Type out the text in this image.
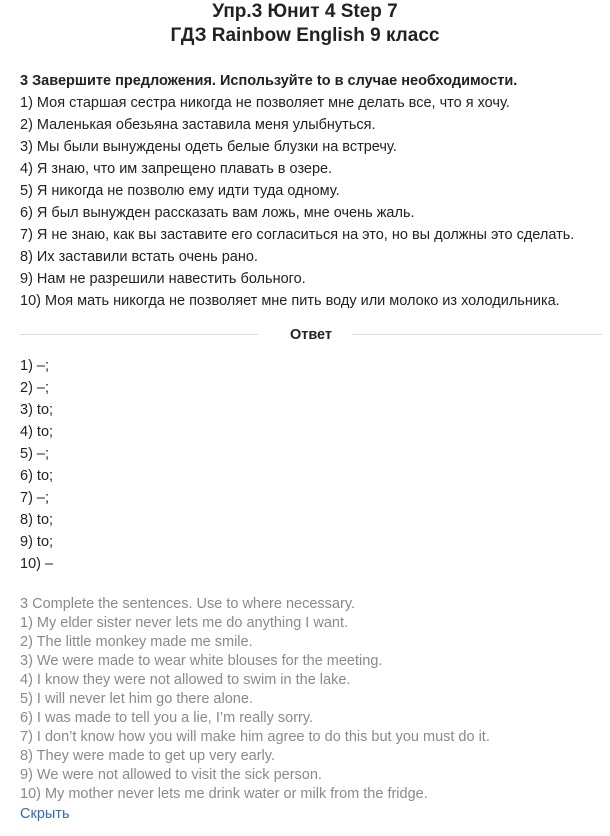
Упр.3 Юнит 4 Step 7
ГДЗ Rainbow English 9 класс
3 Завершите предложения. Используйте to в случае необходимости.
1) Моя старшая сестра никогда не позволяет мне делать все, что я хочу.
2) Маленькая обезьяна заставила меня улыбнуться.
3) Мы были вынуждены одеть белые блузки на встречу.
4) Я знаю, что им запрещено плавать в озере.
5) Я никогда не позволю ему идти туда одному.
6) Я был вынужден рассказать вам ложь, мне очень жаль.
7) Я не знаю, как вы заставите его согласиться на это, но вы должны это сделать.
8) Их заставили встать очень рано.
9) Нам не разрешили навестить больного.
10) Моя мать никогда не позволяет мне пить воду или молоко из холодильника.
Ответ
1) –;
2) –;
3) to;
4) to;
5) –;
6) to;
7) –;
8) to;
9) to;
10) –
3 Complete the sentences. Use to where necessary.
1) My elder sister never lets me do anything I want.
2) The little monkey made me smile.
3) We were made to wear white blouses for the meeting.
4) I know they were not allowed to swim in the lake.
5) I will never let him go there alone.
6) I was made to tell you a lie, I’m really sorry.
7) I don’t know how you will make him agree to do this but you must do it.
8) They were made to get up very early.
9) We were not allowed to visit the sick person.
10) My mother never lets me drink water or milk from the fridge.
Скрыть
